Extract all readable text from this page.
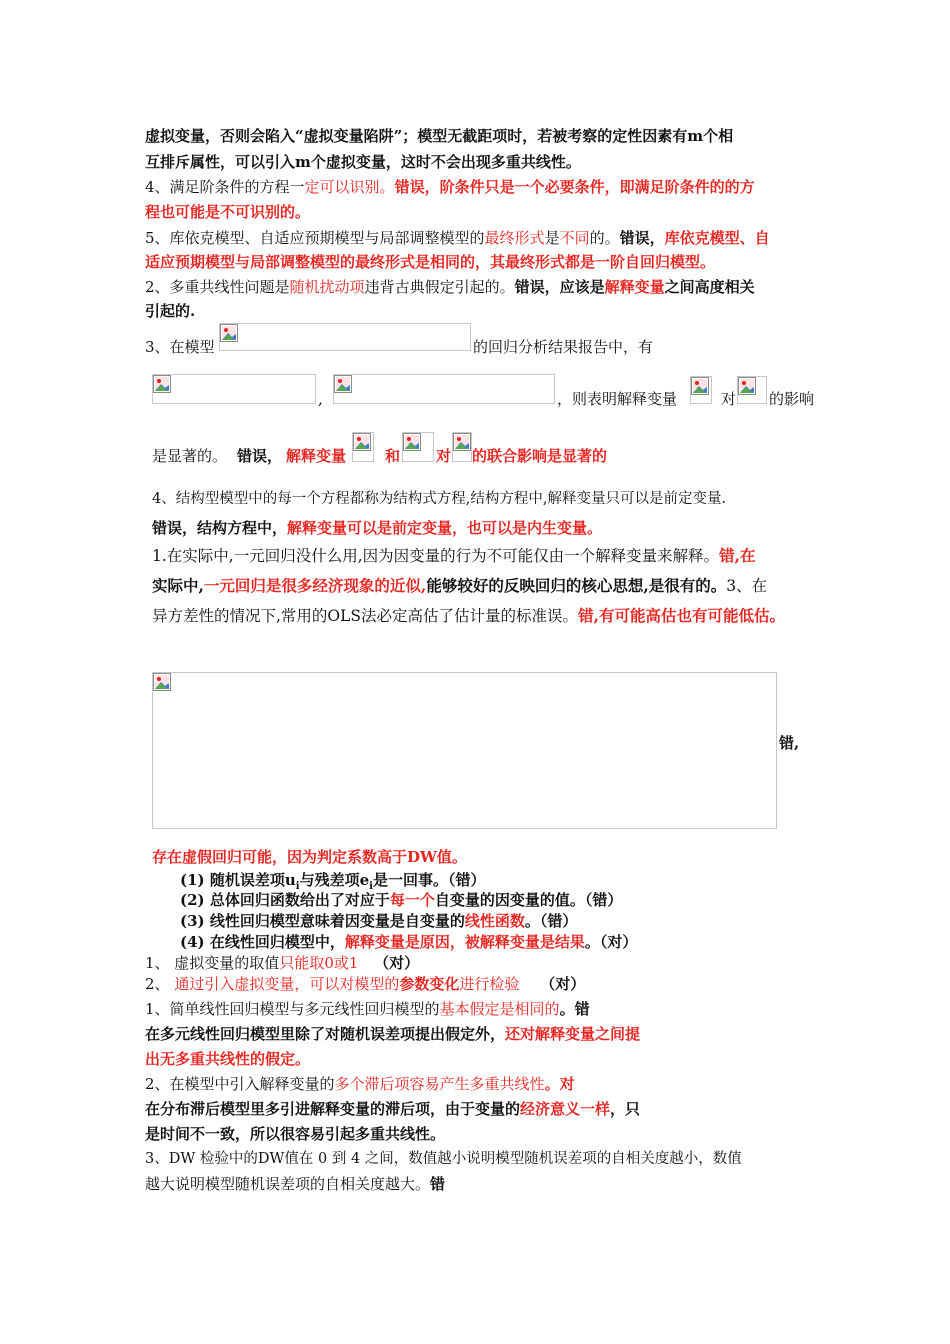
虚拟变量，否则会陷入“虚拟变量陷阱”；模型无截距项时，若被考察的定性因素有m个相
互排斥属性，可以引入m个虚拟变量，这时不会出现多重共线性。
4、满足阶条件的方程一定可以识别。错误，阶条件只是一个必要条件，即满足阶条件的的方
程也可能是不可识别的。
5、库依克模型、自适应预期模型与局部调整模型的最终形式是不同的。错误，库依克模型、自
适应预期模型与局部调整模型的最终形式是相同的，其最终形式都是一阶自回归模型。
2、多重共线性问题是随机扰动项违背古典假定引起的。错误，应该是解释变量之间高度相关
引起的.
3、在模型	的回归分析结果报告中，有
,	，则表明解释变量	对 的影响
是显著的。 错误， 解释变量	和 对 的联合影响是显著的
4、结构型模型中的每一个方程都称为结构式方程,结构方程中,解释变量只可以是前定变量.
错误，结构方程中，解释变量可以是前定变量，也可以是内生变量。
1.在实际中,一元回归没什么用,因为因变量的行为不可能仅由一个解释变量来解释。错,在
实际中,一元回归是很多经济现象的近似,能够较好的反映回归的核心思想,是很有的。3、在
异方差性的情况下,常用的OLS法必定高估了估计量的标准误。错,有可能高估也有可能低估。
错,
存在虚假回归可能，因为判定系数高于DW值。
(1) 随机误差项$u_i$与残差项$e_i$是一回事。（错）
(2) 总体回归函数给出了对应于每一个自变量的因变量的值。（错）
(3) 线性回归模型意味着因变量是自变量的线性函数。（错）
(4) 在线性回归模型中，解释变量是原因，被解释变量是结果。（对）
1、 虚拟变量的取值只能取0或1   （对）
2、 通过引入虚拟变量，可以对模型的参数变化进行检验    （对）
1、简单线性回归模型与多元线性回归模型的基本假定是相同的。错
在多元线性回归模型里除了对随机误差项提出假定外，还对解释变量之间提
出无多重共线性的假定。
2、在模型中引入解释变量的多个滞后项容易产生多重共线性。对
在分布滞后模型里多引进解释变量的滞后项，由于变量的经济意义一样，只
是时间不一致，所以很容易引起多重共线性。
3、DW 检验中的DW值在 0 到 4 之间，数值越小说明模型随机误差项的自相关度越小，数值
越大说明模型随机误差项的自相关度越大。错
